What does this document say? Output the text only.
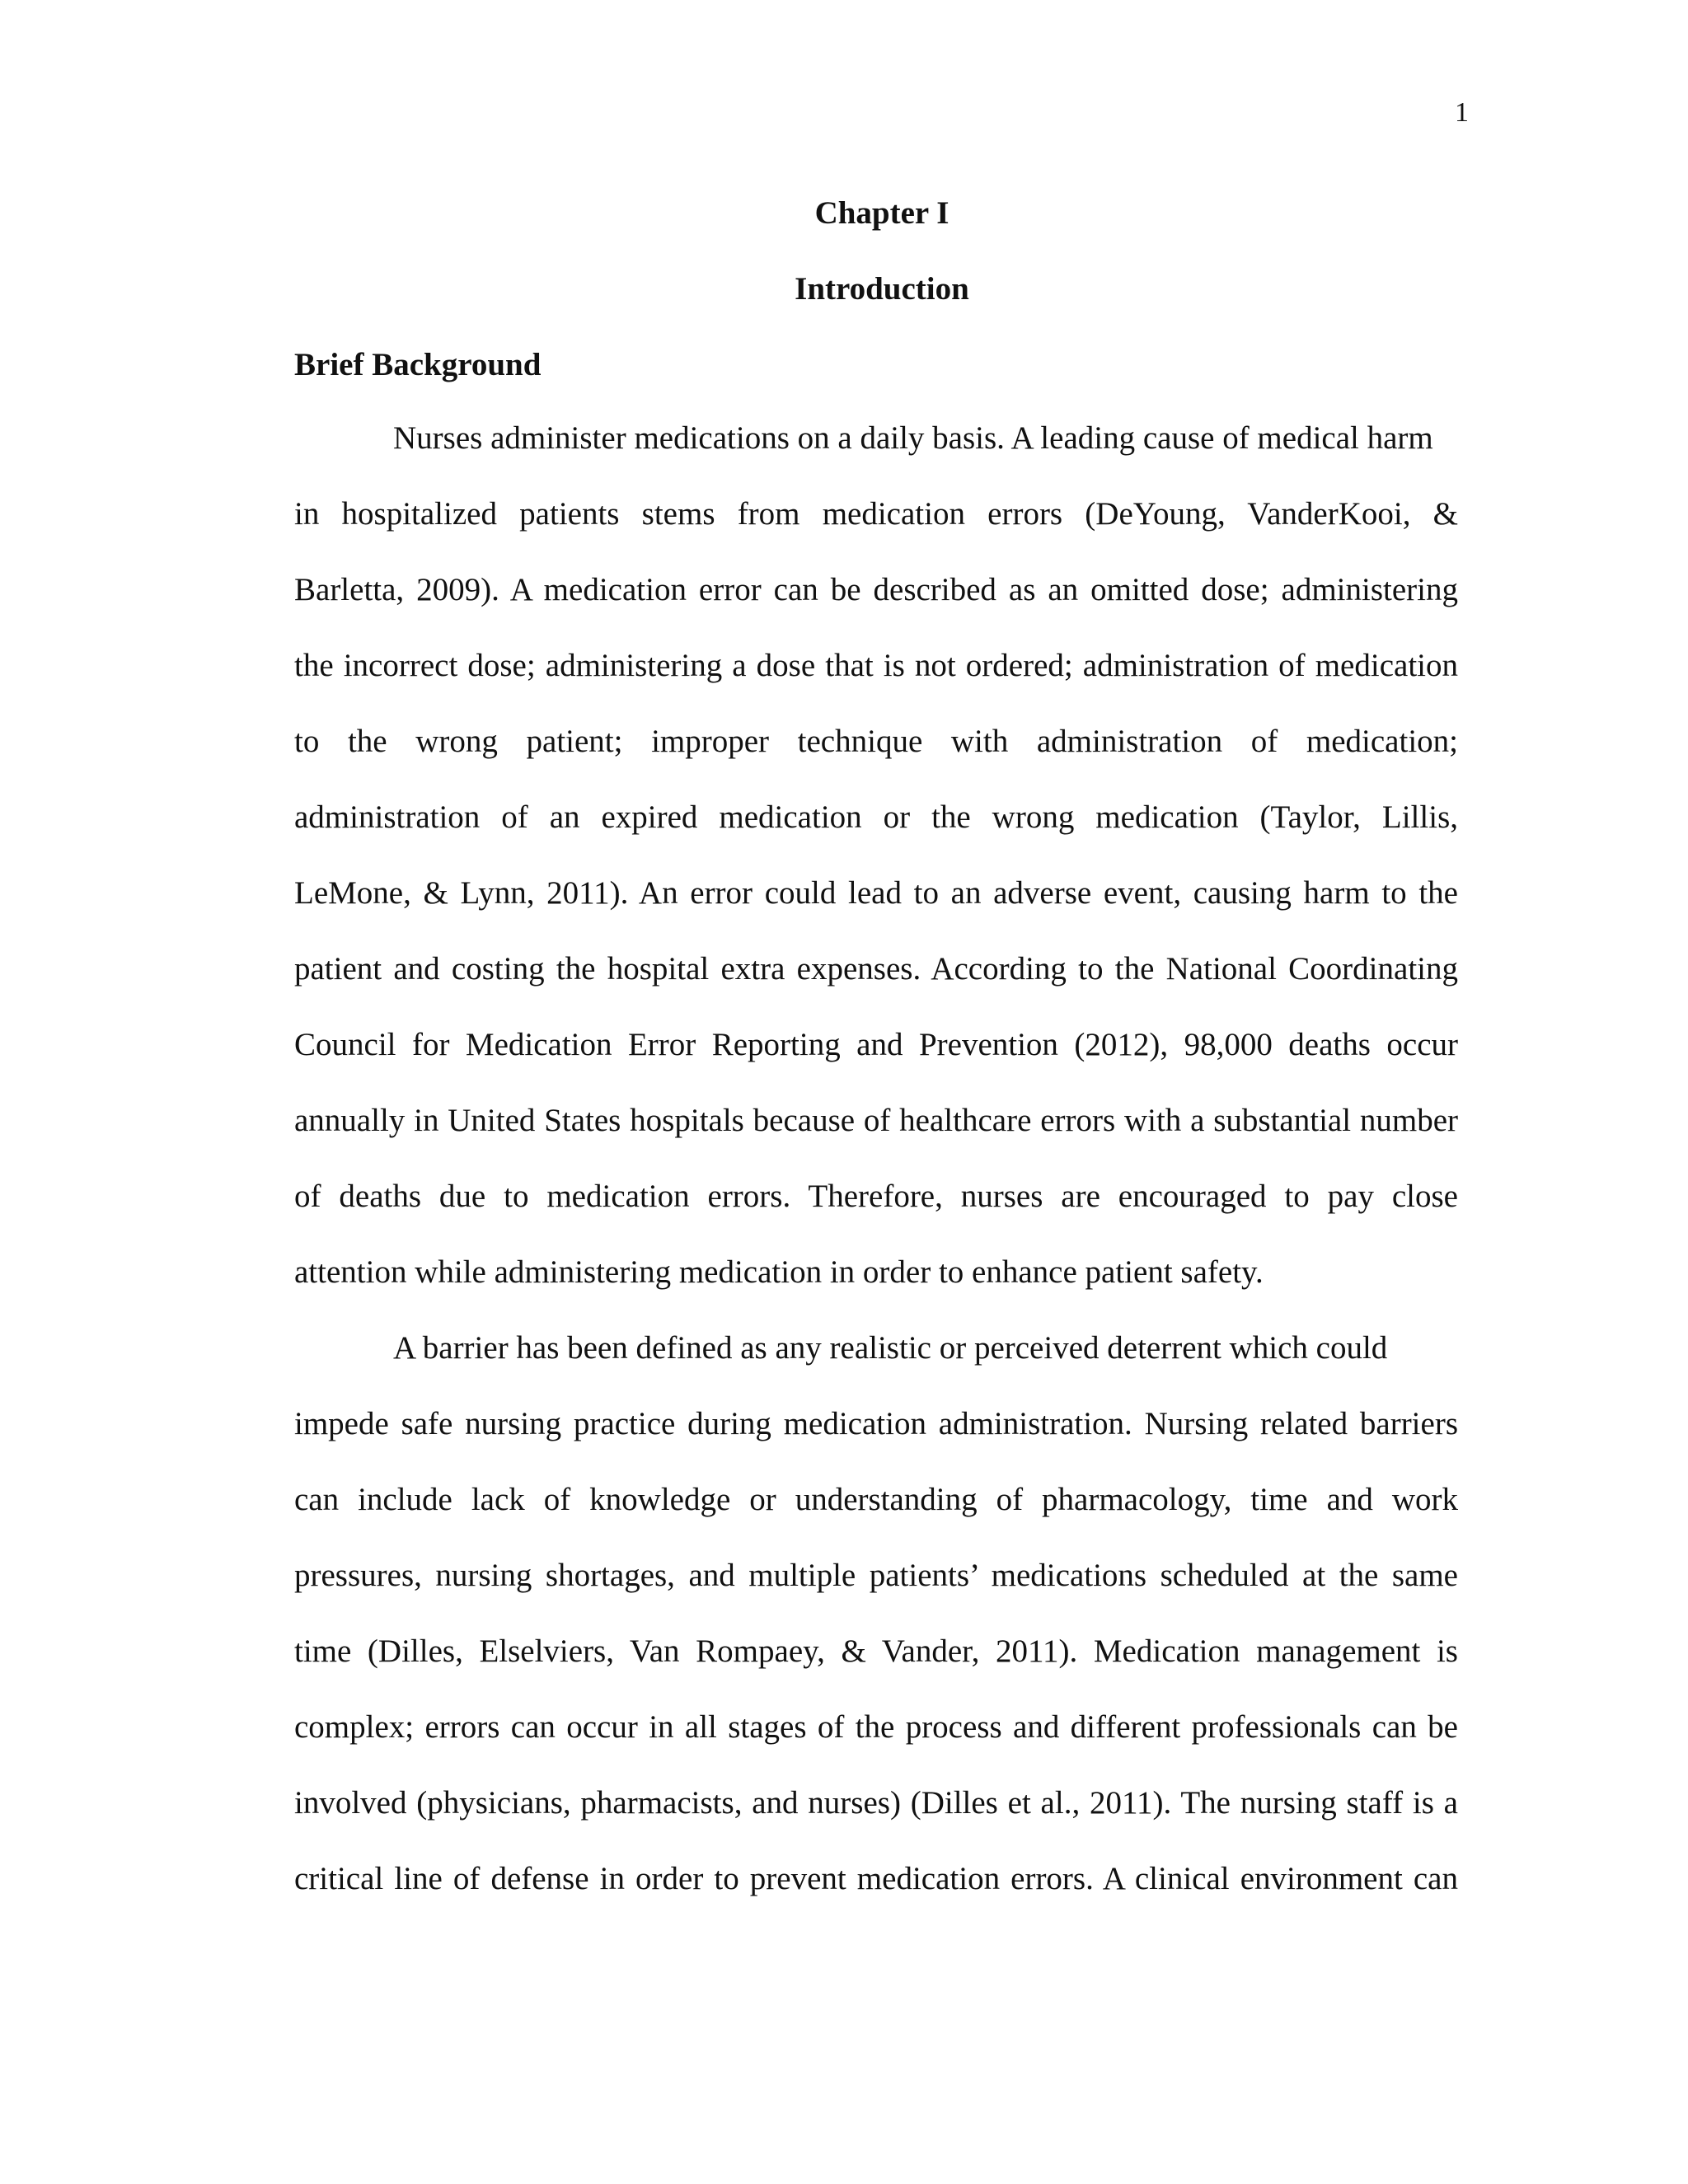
1
Chapter I
Introduction
Brief Background
Nurses administer medications on a daily basis. A leading cause of medical harm
in hospitalized patients stems from medication errors (DeYoung, VanderKooi, &
Barletta, 2009). A medication error can be described as an omitted dose; administering
the incorrect dose; administering a dose that is not ordered; administration of medication
to the wrong patient; improper technique with administration of medication;
administration of an expired medication or the wrong medication (Taylor, Lillis,
LeMone, & Lynn, 2011). An error could lead to an adverse event, causing harm to the
patient and costing the hospital extra expenses. According to the National Coordinating
Council for Medication Error Reporting and Prevention (2012), 98,000 deaths occur
annually in United States hospitals because of healthcare errors with a substantial number
of deaths due to medication errors. Therefore, nurses are encouraged to pay close
attention while administering medication in order to enhance patient safety.
A barrier has been defined as any realistic or perceived deterrent which could
impede safe nursing practice during medication administration. Nursing related barriers
can include lack of knowledge or understanding of pharmacology, time and work
pressures, nursing shortages, and multiple patients’ medications scheduled at the same
time (Dilles, Elselviers, Van Rompaey, & Vander, 2011). Medication management is
complex; errors can occur in all stages of the process and different professionals can be
involved (physicians, pharmacists, and nurses) (Dilles et al., 2011). The nursing staff is a
critical line of defense in order to prevent medication errors. A clinical environment can
